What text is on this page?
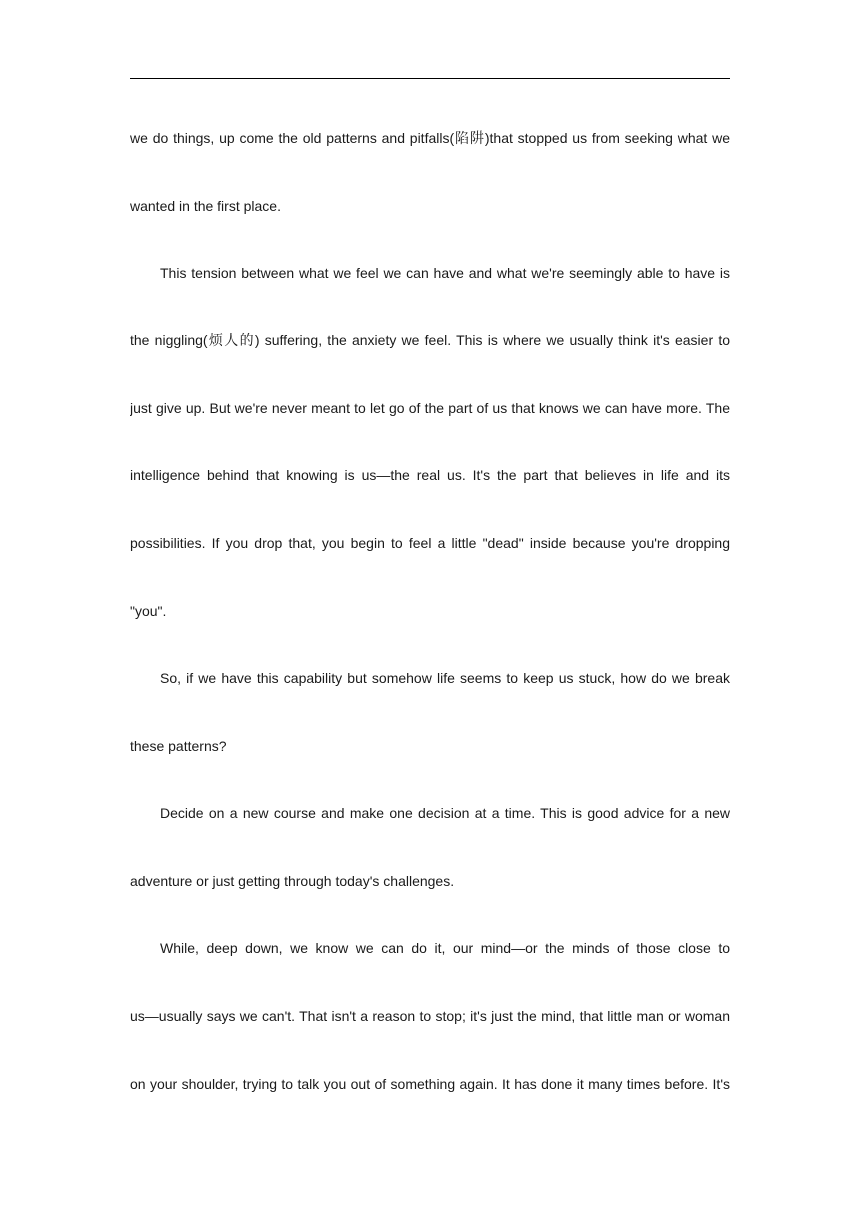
we do things, up come the old patterns and pitfalls(陷阱)that stopped us from seeking what we
wanted in the first place.
This tension between what we feel we can have and what we're seemingly able to have is
the niggling(烦人的) suffering, the anxiety we feel. This is where we usually think it's easier to
just give up. But we're never meant to let go of the part of us that knows we can have more. The
intelligence behind that knowing is us—the real us. It's the part that believes in life and its
possibilities. If you drop that, you begin to feel a little "dead" inside because you're dropping
"you".
So, if we have this capability but somehow life seems to keep us stuck, how do we break
these patterns?
Decide on a new course and make one decision at a time. This is good advice for a new
adventure or just getting through today's challenges.
While, deep down, we know we can do it, our mind—or the minds of those close to
us—usually says we can't. That isn't a reason to stop; it's just the mind, that little man or woman
on your shoulder, trying to talk you out of something again. It has done it many times before. It's
